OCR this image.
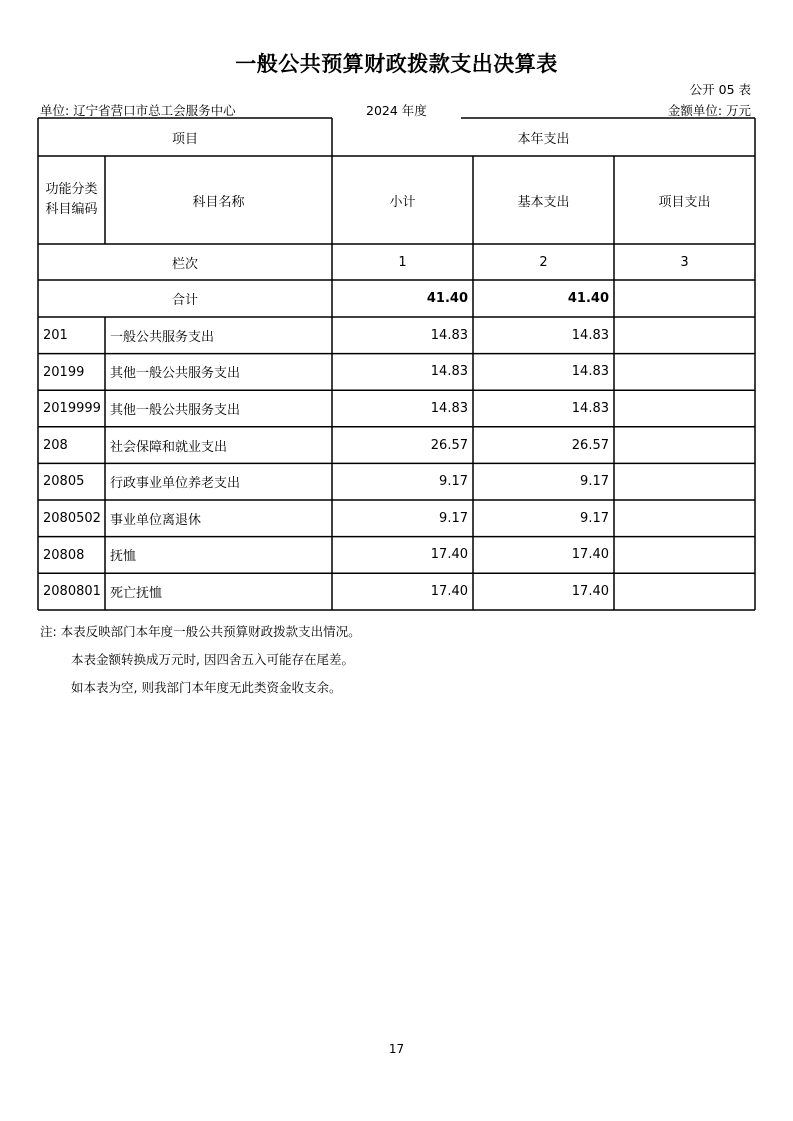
一般公共预算财政拨款支出决算表
公开 05 表
单位: 辽宁省营口市总工会服务中心	2024 年度	金额单位: 万元
项目	本年支出
功能分类
科目编码	科目名称	小计	基本支出	项目支出
栏次	1	2	3
合计	41.40	41.40
201	一般公共服务支出	14.83	14.83
20199	其他一般公共服务支出	14.83	14.83
2019999 其他一般公共服务支出	14.83	14.83
208	社会保障和就业支出	26.57	26.57
20805	行政事业单位养老支出	9.17	9.17
2080502 事业单位离退休	9.17	9.17
20808	抚恤	17.40	17.40
2080801 死亡抚恤	17.40	17.40
注: 本表反映部门本年度一般公共预算财政拨款支出情况。
本表金额转换成万元时, 因四舍五入可能存在尾差。
如本表为空, 则我部门本年度无此类资金收支余。
17
